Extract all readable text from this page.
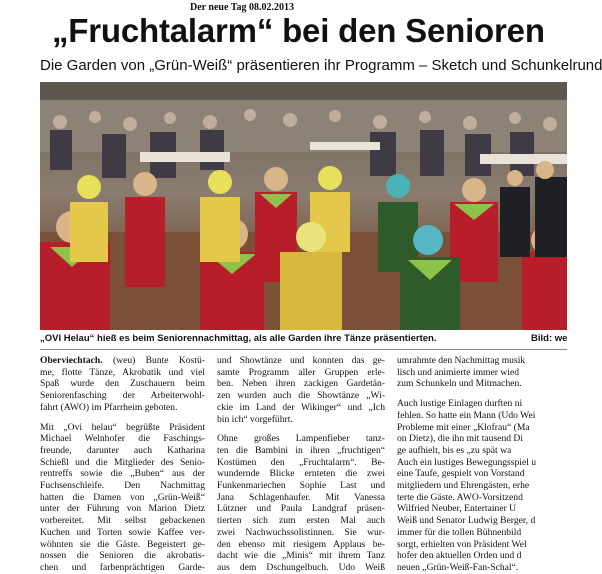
Der neue Tag 08.02.2013
„Fruchtalarm“ bei den Senioren
Die Garden von „Grün-Weiß“ präsentieren ihr Programm – Sketch und Schunkelrund
„OVI Helau“ hieß es beim Seniorennachmittag, als alle Garden ihre Tänze präsentierten.	Bild: we
Oberviechtach. (weu) Bunte Kostü-
me, flotte Tänze, Akrobatik und viel
Spaß wurde den Zuschauern beim
Seniorenfasching der Arbeiterwohl-
fahrt (AWO) im Pfarrheim geboten.
Mit „Ovi helau“ begrüßte Präsident
Michael Welnhofer die Faschings-
freunde, darunter auch Katharina
Schießl und die Mitglieder des Senio-
rentreffs sowie die „Buben“ aus der
Fuchsenschleife. Den Nachmittag
hatten die Damen von „Grün-Weiß“
unter der Führung von Marion Dietz
vorbereitet. Mit selbst gebackenen
Kuchen und Torten sowie Kaffee ver-
wöhnten sie die Gäste. Begeistert ge-
nossen die Senioren die akrobatis-
chen und farbenprächtigen Garde-
und Showtänze und konnten das ge-
samte Programm aller Gruppen erle-
ben. Neben ihren zackigen Gardetän-
zen wurden auch die Showtänze „Wi-
ckie im Land der Wikinger“ und „Ich
bin ich“ vorgeführt.
Ohne großes Lampenfieber tanz-
ten die Bambini in ihren „fruchtigen“
Kostümen den „Fruchtalarm“. Be-
wundernde Blicke ernteten die zwei
Funkenmariechen Sophie Last und
Jana Schlagenhaufer. Mit Vanessa
Lützner und Paula Landgraf präsen-
tierten sich zum ersten Mal auch
zwei Nachwuchssolistinnen. Sie wur-
den ebenso mit riesigem Applaus be-
dacht wie die „Minis“ mit ihrem Tanz
aus dem Dschungelbuch. Udo Weiß
umrahmte den Nachmittag musik
lisch und animierte immer wied
zum Schunkeln und Mitmachen.
Auch lustige Einlagen durften ni
fehlen. So hatte ein Mann (Udo Wei
Probleme mit einer „Klofrau“ (Ma
on Dietz), die ihn mit tausend Di
ge aufhielt, bis es „zu spät wa
Auch ein lustiges Bewegungsspiel u
eine Taufe, gespielt von Vorstand
mitgliedern und Ehrengästen, erhe
terte die Gäste. AWO-Vorsitzend
Wilfried Neuber, Entertainer U
Weiß und Senator Ludwig Berger, d
immer für die tollen Bühnenbild
sorgt, erhielten von Präsident Wel
hofer den aktuellen Orden und d
neuen „Grün-Weiß-Fan-Schal“.
